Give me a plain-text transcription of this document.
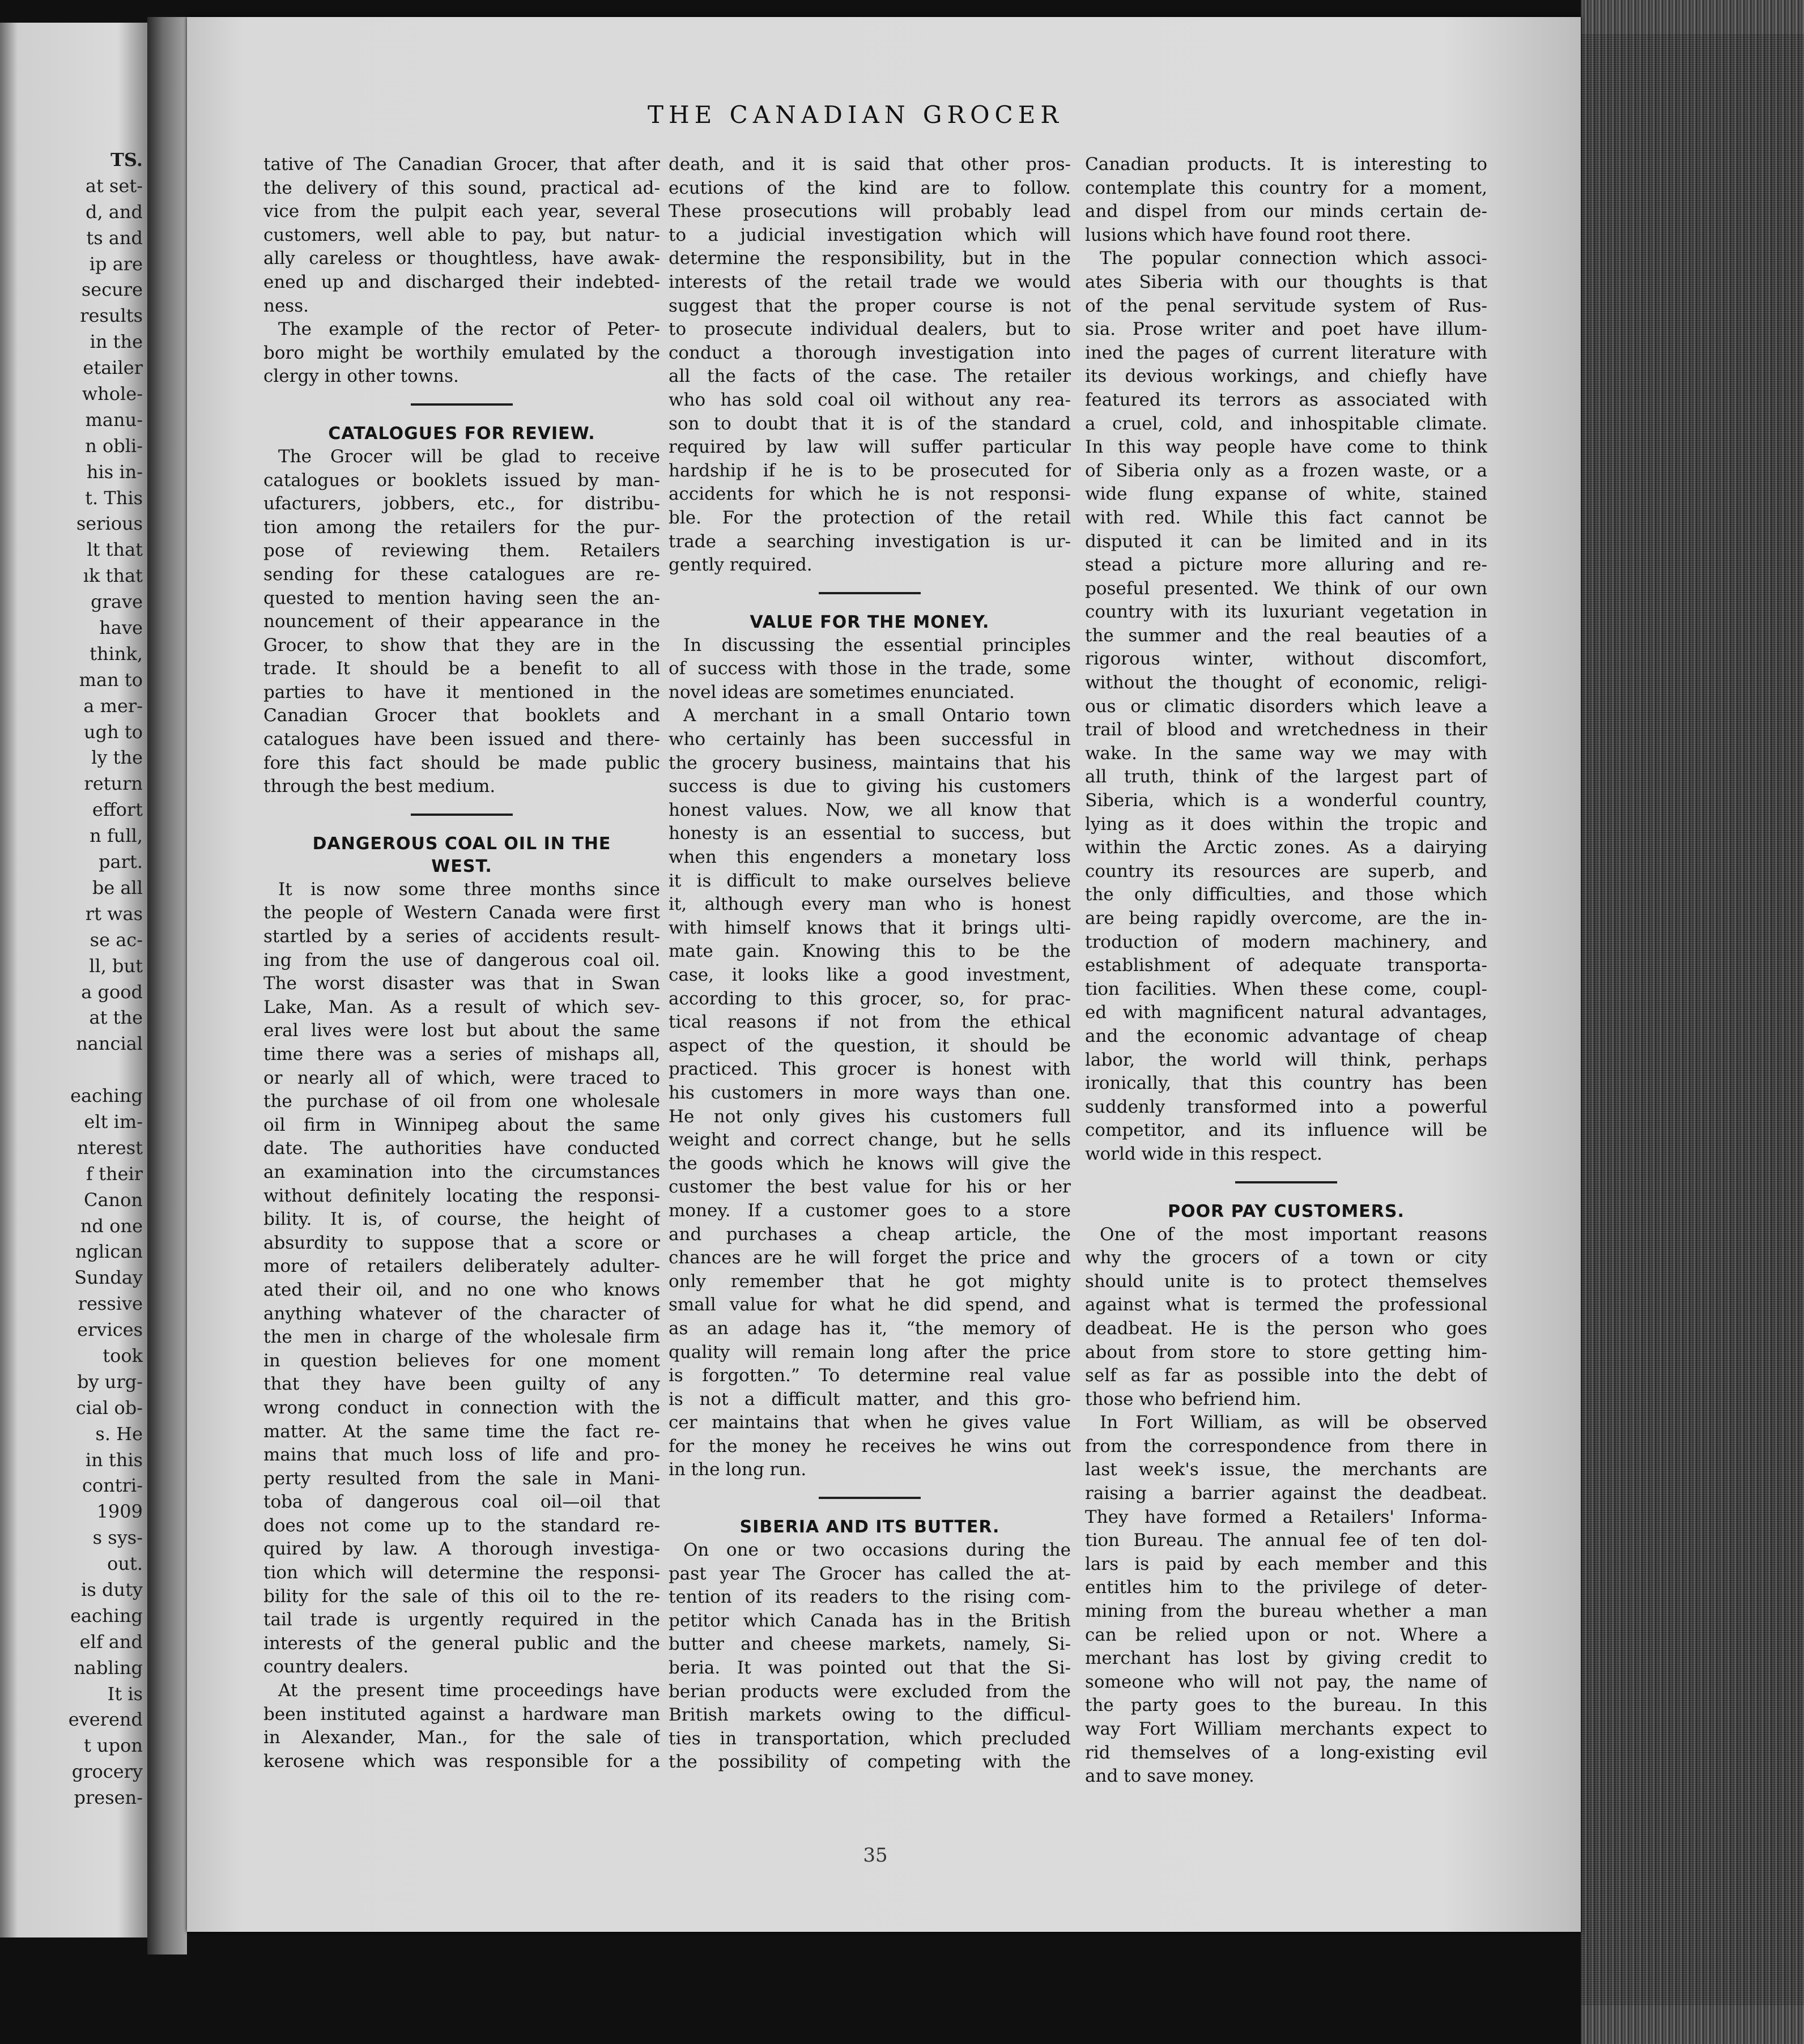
TS.
at set-
d, and
ts and
ip are
secure
results
in the
etailer
whole-
manu-
n obli-
his in-
t. This
serious
lt that
ık that
grave
have
think,
man to
a mer-
ugh to
ly the
return
effort
n full,
part.
be all
rt was
se ac-
ll, but
a good
at the
nancial
eaching
elt im-
nterest
f their
Canon
nd one
nglican
Sunday
ressive
ervices
took
by urg-
cial ob-
s. He
in this
contri-
1909
s sys-
out.
is duty
eaching
elf and
nabling
It is
everend
t upon
grocery
presen-
THE CANADIAN GROCER
tative of The Canadian Grocer, that after
the delivery of this sound, practical ad-
vice from the pulpit each year, several
customers, well able to pay, but natur-
ally careless or thoughtless, have awak-
ened up and discharged their indebted-
ness.
The example of the rector of Peter-
boro might be worthily emulated by the
clergy in other towns.
CATALOGUES FOR REVIEW.
The Grocer will be glad to receive
catalogues or booklets issued by man-
ufacturers, jobbers, etc., for distribu-
tion among the retailers for the pur-
pose of reviewing them. Retailers
sending for these catalogues are re-
quested to mention having seen the an-
nouncement of their appearance in the
Grocer, to show that they are in the
trade. It should be a benefit to all
parties to have it mentioned in the
Canadian Grocer that booklets and
catalogues have been issued and there-
fore this fact should be made public
through the best medium.
DANGEROUS COAL OIL IN THE
WEST.
It is now some three months since
the people of Western Canada were first
startled by a series of accidents result-
ing from the use of dangerous coal oil.
The worst disaster was that in Swan
Lake, Man. As a result of which sev-
eral lives were lost but about the same
time there was a series of mishaps all,
or nearly all of which, were traced to
the purchase of oil from one wholesale
oil firm in Winnipeg about the same
date. The authorities have conducted
an examination into the circumstances
without definitely locating the responsi-
bility. It is, of course, the height of
absurdity to suppose that a score or
more of retailers deliberately adulter-
ated their oil, and no one who knows
anything whatever of the character of
the men in charge of the wholesale firm
in question believes for one moment
that they have been guilty of any
wrong conduct in connection with the
matter. At the same time the fact re-
mains that much loss of life and pro-
perty resulted from the sale in Mani-
toba of dangerous coal oil—oil that
does not come up to the standard re-
quired by law. A thorough investiga-
tion which will determine the responsi-
bility for the sale of this oil to the re-
tail trade is urgently required in the
interests of the general public and the
country dealers.
At the present time proceedings have
been instituted against a hardware man
in Alexander, Man., for the sale of
kerosene which was responsible for a
death, and it is said that other pros-
ecutions of the kind are to follow.
These prosecutions will probably lead
to a judicial investigation which will
determine the responsibility, but in the
interests of the retail trade we would
suggest that the proper course is not
to prosecute individual dealers, but to
conduct a thorough investigation into
all the facts of the case. The retailer
who has sold coal oil without any rea-
son to doubt that it is of the standard
required by law will suffer particular
hardship if he is to be prosecuted for
accidents for which he is not responsi-
ble. For the protection of the retail
trade a searching investigation is ur-
gently required.
VALUE FOR THE MONEY.
In discussing the essential principles
of success with those in the trade, some
novel ideas are sometimes enunciated.
A merchant in a small Ontario town
who certainly has been successful in
the grocery business, maintains that his
success is due to giving his customers
honest values. Now, we all know that
honesty is an essential to success, but
when this engenders a monetary loss
it is difficult to make ourselves believe
it, although every man who is honest
with himself knows that it brings ulti-
mate gain. Knowing this to be the
case, it looks like a good investment,
according to this grocer, so, for prac-
tical reasons if not from the ethical
aspect of the question, it should be
practiced. This grocer is honest with
his customers in more ways than one.
He not only gives his customers full
weight and correct change, but he sells
the goods which he knows will give the
customer the best value for his or her
money. If a customer goes to a store
and purchases a cheap article, the
chances are he will forget the price and
only remember that he got mighty
small value for what he did spend, and
as an adage has it, “the memory of
quality will remain long after the price
is forgotten.” To determine real value
is not a difficult matter, and this gro-
cer maintains that when he gives value
for the money he receives he wins out
in the long run.
SIBERIA AND ITS BUTTER.
On one or two occasions during the
past year The Grocer has called the at-
tention of its readers to the rising com-
petitor which Canada has in the British
butter and cheese markets, namely, Si-
beria. It was pointed out that the Si-
berian products were excluded from the
British markets owing to the difficul-
ties in transportation, which precluded
the possibility of competing with the
Canadian products. It is interesting to
contemplate this country for a moment,
and dispel from our minds certain de-
lusions which have found root there.
The popular connection which associ-
ates Siberia with our thoughts is that
of the penal servitude system of Rus-
sia. Prose writer and poet have illum-
ined the pages of current literature with
its devious workings, and chiefly have
featured its terrors as associated with
a cruel, cold, and inhospitable climate.
In this way people have come to think
of Siberia only as a frozen waste, or a
wide flung expanse of white, stained
with red. While this fact cannot be
disputed it can be limited and in its
stead a picture more alluring and re-
poseful presented. We think of our own
country with its luxuriant vegetation in
the summer and the real beauties of a
rigorous winter, without discomfort,
without the thought of economic, religi-
ous or climatic disorders which leave a
trail of blood and wretchedness in their
wake. In the same way we may with
all truth, think of the largest part of
Siberia, which is a wonderful country,
lying as it does within the tropic and
within the Arctic zones. As a dairying
country its resources are superb, and
the only difficulties, and those which
are being rapidly overcome, are the in-
troduction of modern machinery, and
establishment of adequate transporta-
tion facilities. When these come, coupl-
ed with magnificent natural advantages,
and the economic advantage of cheap
labor, the world will think, perhaps
ironically, that this country has been
suddenly transformed into a powerful
competitor, and its influence will be
world wide in this respect.
POOR PAY CUSTOMERS.
One of the most important reasons
why the grocers of a town or city
should unite is to protect themselves
against what is termed the professional
deadbeat. He is the person who goes
about from store to store getting him-
self as far as possible into the debt of
those who befriend him.
In Fort William, as will be observed
from the correspondence from there in
last week's issue, the merchants are
raising a barrier against the deadbeat.
They have formed a Retailers' Informa-
tion Bureau. The annual fee of ten dol-
lars is paid by each member and this
entitles him to the privilege of deter-
mining from the bureau whether a man
can be relied upon or not. Where a
merchant has lost by giving credit to
someone who will not pay, the name of
the party goes to the bureau. In this
way Fort William merchants expect to
rid themselves of a long-existing evil
and to save money.
35
